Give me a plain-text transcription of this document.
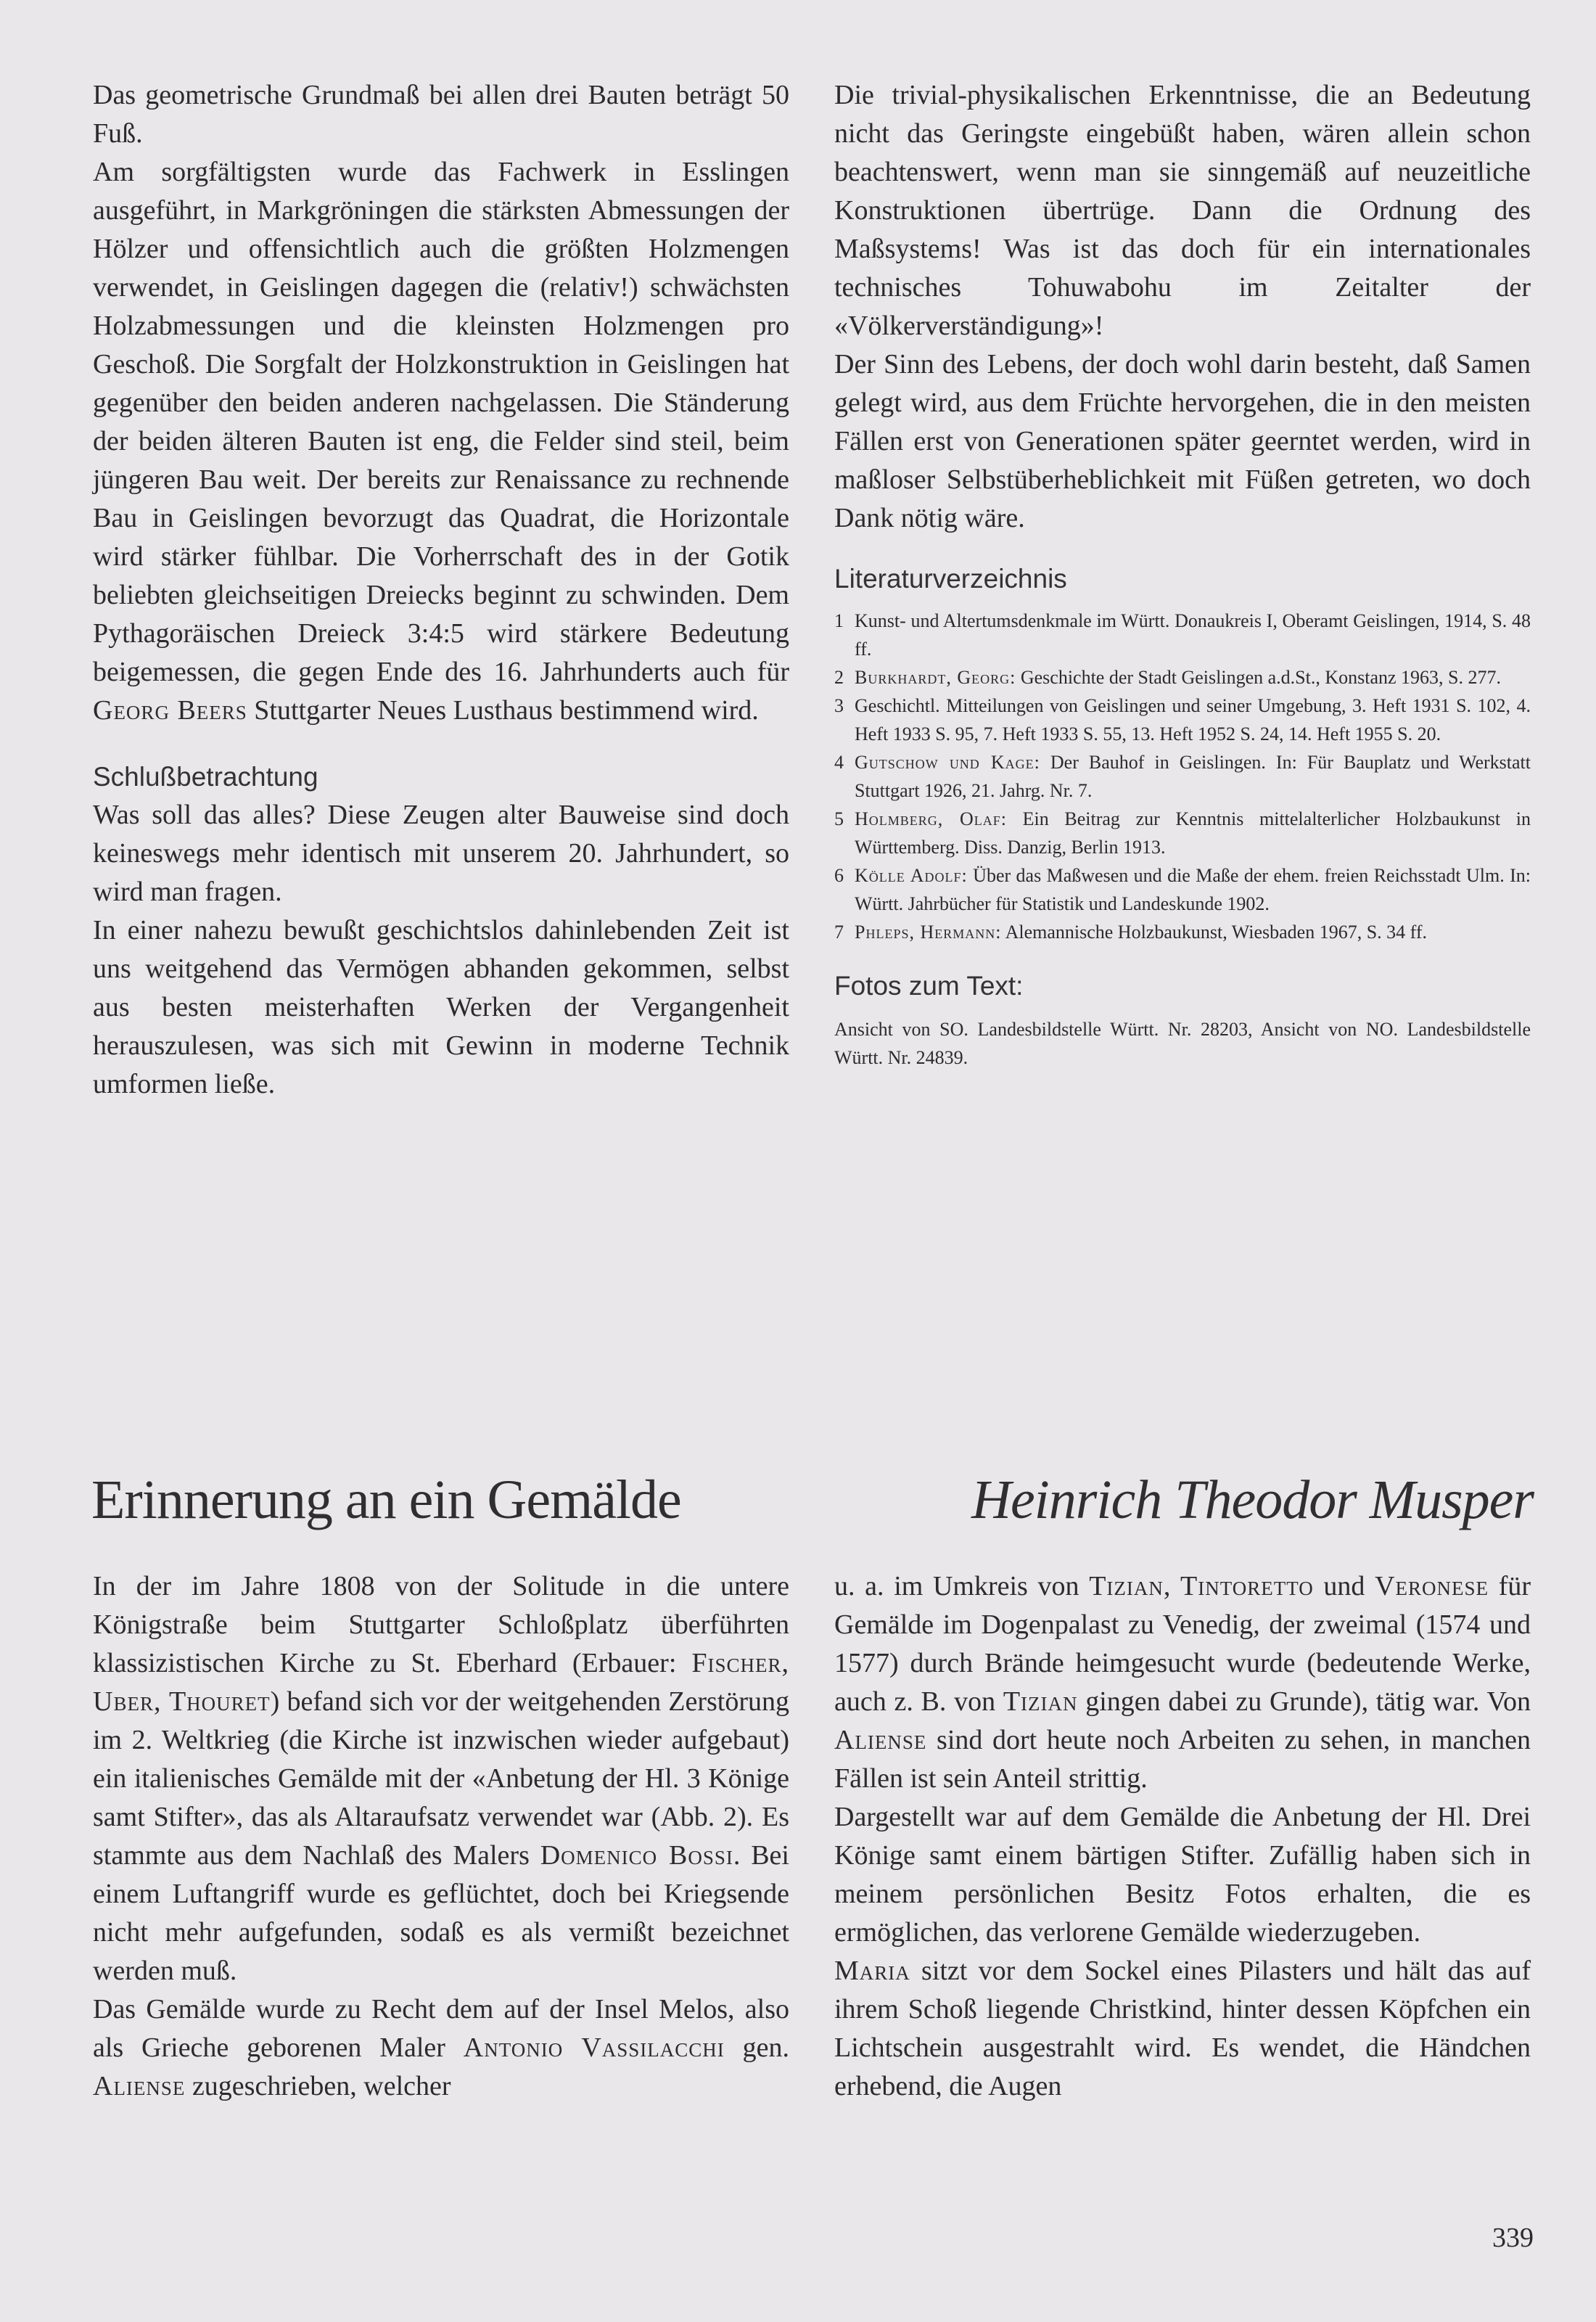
Das geometrische Grundmaß bei allen drei Bauten beträgt 50 Fuß.

Am sorgfältigsten wurde das Fachwerk in Esslingen ausgeführt, in Markgröningen die stärksten Abmessungen der Hölzer und offensichtlich auch die größten Holzmengen verwendet, in Geislingen dagegen die (relativ!) schwächsten Holzabmessungen und die kleinsten Holzmengen pro Geschoß. Die Sorgfalt der Holzkonstruktion in Geislingen hat gegenüber den beiden anderen nachgelassen. Die Ständerung der beiden älteren Bauten ist eng, die Felder sind steil, beim jüngeren Bau weit. Der bereits zur Renaissance zu rechnende Bau in Geislingen bevorzugt das Quadrat, die Horizontale wird stärker fühlbar. Die Vorherrschaft des in der Gotik beliebten gleichseitigen Dreiecks beginnt zu schwinden. Dem Pythagoräischen Dreieck 3:4:5 wird stärkere Bedeutung beigemessen, die gegen Ende des 16. Jahrhunderts auch für Georg Beers Stuttgarter Neues Lusthaus bestimmend wird.

Schlußbetrachtung

Was soll das alles? Diese Zeugen alter Bauweise sind doch keineswegs mehr identisch mit unserem 20. Jahrhundert, so wird man fragen.

In einer nahezu bewußt geschichtslos dahinlebenden Zeit ist uns weitgehend das Vermögen abhanden gekommen, selbst aus besten meisterhaften Werken der Vergangenheit herauszulesen, was sich mit Gewinn in moderne Technik umformen ließe.

Die trivial-physikalischen Erkenntnisse, die an Bedeutung nicht das Geringste eingebüßt haben, wären allein schon beachtenswert, wenn man sie sinngemäß auf neuzeitliche Konstruktionen übertrüge. Dann die Ordnung des Maßsystems! Was ist das doch für ein internationales technisches Tohuwabohu im Zeitalter der «Völkerverständigung»!

Der Sinn des Lebens, der doch wohl darin besteht, daß Samen gelegt wird, aus dem Früchte hervorgehen, die in den meisten Fällen erst von Generationen später geerntet werden, wird in maßloser Selbstüberheblichkeit mit Füßen getreten, wo doch Dank nötig wäre.

Literaturverzeichnis
1 Kunst- und Altertumsdenkmale im Württ. Donaukreis I, Oberamt Geislingen, 1914, S. 48 ff.
2 Burkhardt, Georg: Geschichte der Stadt Geislingen a.d.St., Konstanz 1963, S. 277.
3 Geschichtl. Mitteilungen von Geislingen und seiner Umgebung, 3. Heft 1931 S. 102, 4. Heft 1933 S. 95, 7. Heft 1933 S. 55, 13. Heft 1952 S. 24, 14. Heft 1955 S. 20.
4 Gutschow und Kage: Der Bauhof in Geislingen. In: Für Bauplatz und Werkstatt Stuttgart 1926, 21. Jahrg. Nr. 7.
5 Holmberg, Olaf: Ein Beitrag zur Kenntnis mittelalterlicher Holzbaukunst in Württemberg. Diss. Danzig, Berlin 1913.
6 Kölle Adolf: Über das Maßwesen und die Maße der ehem. freien Reichsstadt Ulm. In: Württ. Jahrbücher für Statistik und Landeskunde 1902.
7 Phleps, Hermann: Alemannische Holzbaukunst, Wiesbaden 1967, S. 34 ff.
Fotos zum Text:

Ansicht von SO. Landesbildstelle Württ. Nr. 28203, Ansicht von NO. Landesbildstelle Württ. Nr. 24839.

Erinnerung an ein Gemälde	Heinrich Theodor Musper

In der im Jahre 1808 von der Solitude in die untere Königstraße beim Stuttgarter Schloßplatz überführten klassizistischen Kirche zu St. Eberhard (Erbauer: Fischer, Uber, Thouret) befand sich vor der weitgehenden Zerstörung im 2. Weltkrieg (die Kirche ist inzwischen wieder aufgebaut) ein italienisches Gemälde mit der «Anbetung der Hl. 3 Könige samt Stifter», das als Altaraufsatz verwendet war (Abb. 2). Es stammte aus dem Nachlaß des Malers Domenico Bossi. Bei einem Luftangriff wurde es geflüchtet, doch bei Kriegsende nicht mehr aufgefunden, sodaß es als vermißt bezeichnet werden muß.

Das Gemälde wurde zu Recht dem auf der Insel Melos, also als Grieche geborenen Maler Antonio Vassilacchi gen. Aliense zugeschrieben, welcher

u. a. im Umkreis von Tizian, Tintoretto und Veronese für Gemälde im Dogenpalast zu Venedig, der zweimal (1574 und 1577) durch Brände heimgesucht wurde (bedeutende Werke, auch z. B. von Tizian gingen dabei zu Grunde), tätig war. Von Aliense sind dort heute noch Arbeiten zu sehen, in manchen Fällen ist sein Anteil strittig.

Dargestellt war auf dem Gemälde die Anbetung der Hl. Drei Könige samt einem bärtigen Stifter. Zufällig haben sich in meinem persönlichen Besitz Fotos erhalten, die es ermöglichen, das verlorene Gemälde wiederzugeben.

Maria sitzt vor dem Sockel eines Pilasters und hält das auf ihrem Schoß liegende Christkind, hinter dessen Köpfchen ein Lichtschein ausgestrahlt wird. Es wendet, die Händchen erhebend, die Augen

339
